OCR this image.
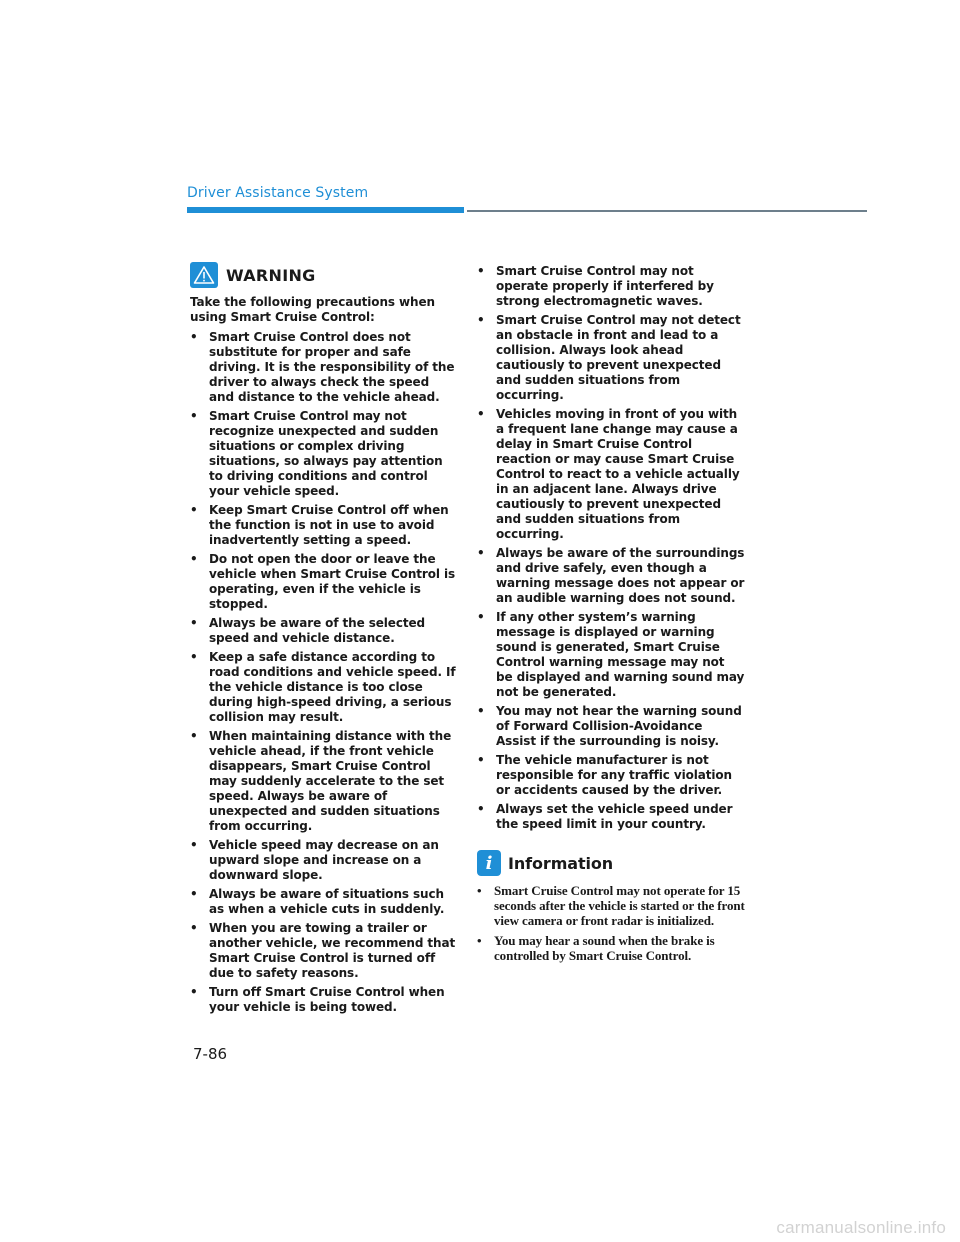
Driver Assistance System
WARNING

Take the following precautions when using Smart Cruise Control:

• Smart Cruise Control does not substitute for proper and safe driving. It is the responsibility of the driver to always check the speed and distance to the vehicle ahead.
• Smart Cruise Control may not recognize unexpected and sudden situations or complex driving situations, so always pay attention to driving conditions and control your vehicle speed.
• Keep Smart Cruise Control off when the function is not in use to avoid inadvertently setting a speed.
• Do not open the door or leave the vehicle when Smart Cruise Control is operating, even if the vehicle is stopped.
• Always be aware of the selected speed and vehicle distance.
• Keep a safe distance according to road conditions and vehicle speed. If the vehicle distance is too close during high-speed driving, a serious collision may result.
• When maintaining distance with the vehicle ahead, if the front vehicle disappears, Smart Cruise Control may suddenly accelerate to the set speed. Always be aware of unexpected and sudden situations from occurring.
• Vehicle speed may decrease on an upward slope and increase on a downward slope.
• Always be aware of situations such as when a vehicle cuts in suddenly.
• When you are towing a trailer or another vehicle, we recommend that Smart Cruise Control is turned off due to safety reasons.
• Turn off Smart Cruise Control when your vehicle is being towed.
• Smart Cruise Control may not operate properly if interfered by strong electromagnetic waves.
• Smart Cruise Control may not detect an obstacle in front and lead to a collision. Always look ahead cautiously to prevent unexpected and sudden situations from occurring.
• Vehicles moving in front of you with a frequent lane change may cause a delay in Smart Cruise Control reaction or may cause Smart Cruise Control to react to a vehicle actually in an adjacent lane. Always drive cautiously to prevent unexpected and sudden situations from occurring.
• Always be aware of the surroundings and drive safely, even though a warning message does not appear or an audible warning does not sound.
• If any other system’s warning message is displayed or warning sound is generated, Smart Cruise Control warning message may not be displayed and warning sound may not be generated.
• You may not hear the warning sound of Forward Collision-Avoidance Assist if the surrounding is noisy.
• The vehicle manufacturer is not responsible for any traffic violation or accidents caused by the driver.
• Always set the vehicle speed under the speed limit in your country.
i Information
• Smart Cruise Control may not operate for 15 seconds after the vehicle is started or the front view camera or front radar is initialized.
• You may hear a sound when the brake is controlled by Smart Cruise Control.
7-86
carmanualsonline.info
